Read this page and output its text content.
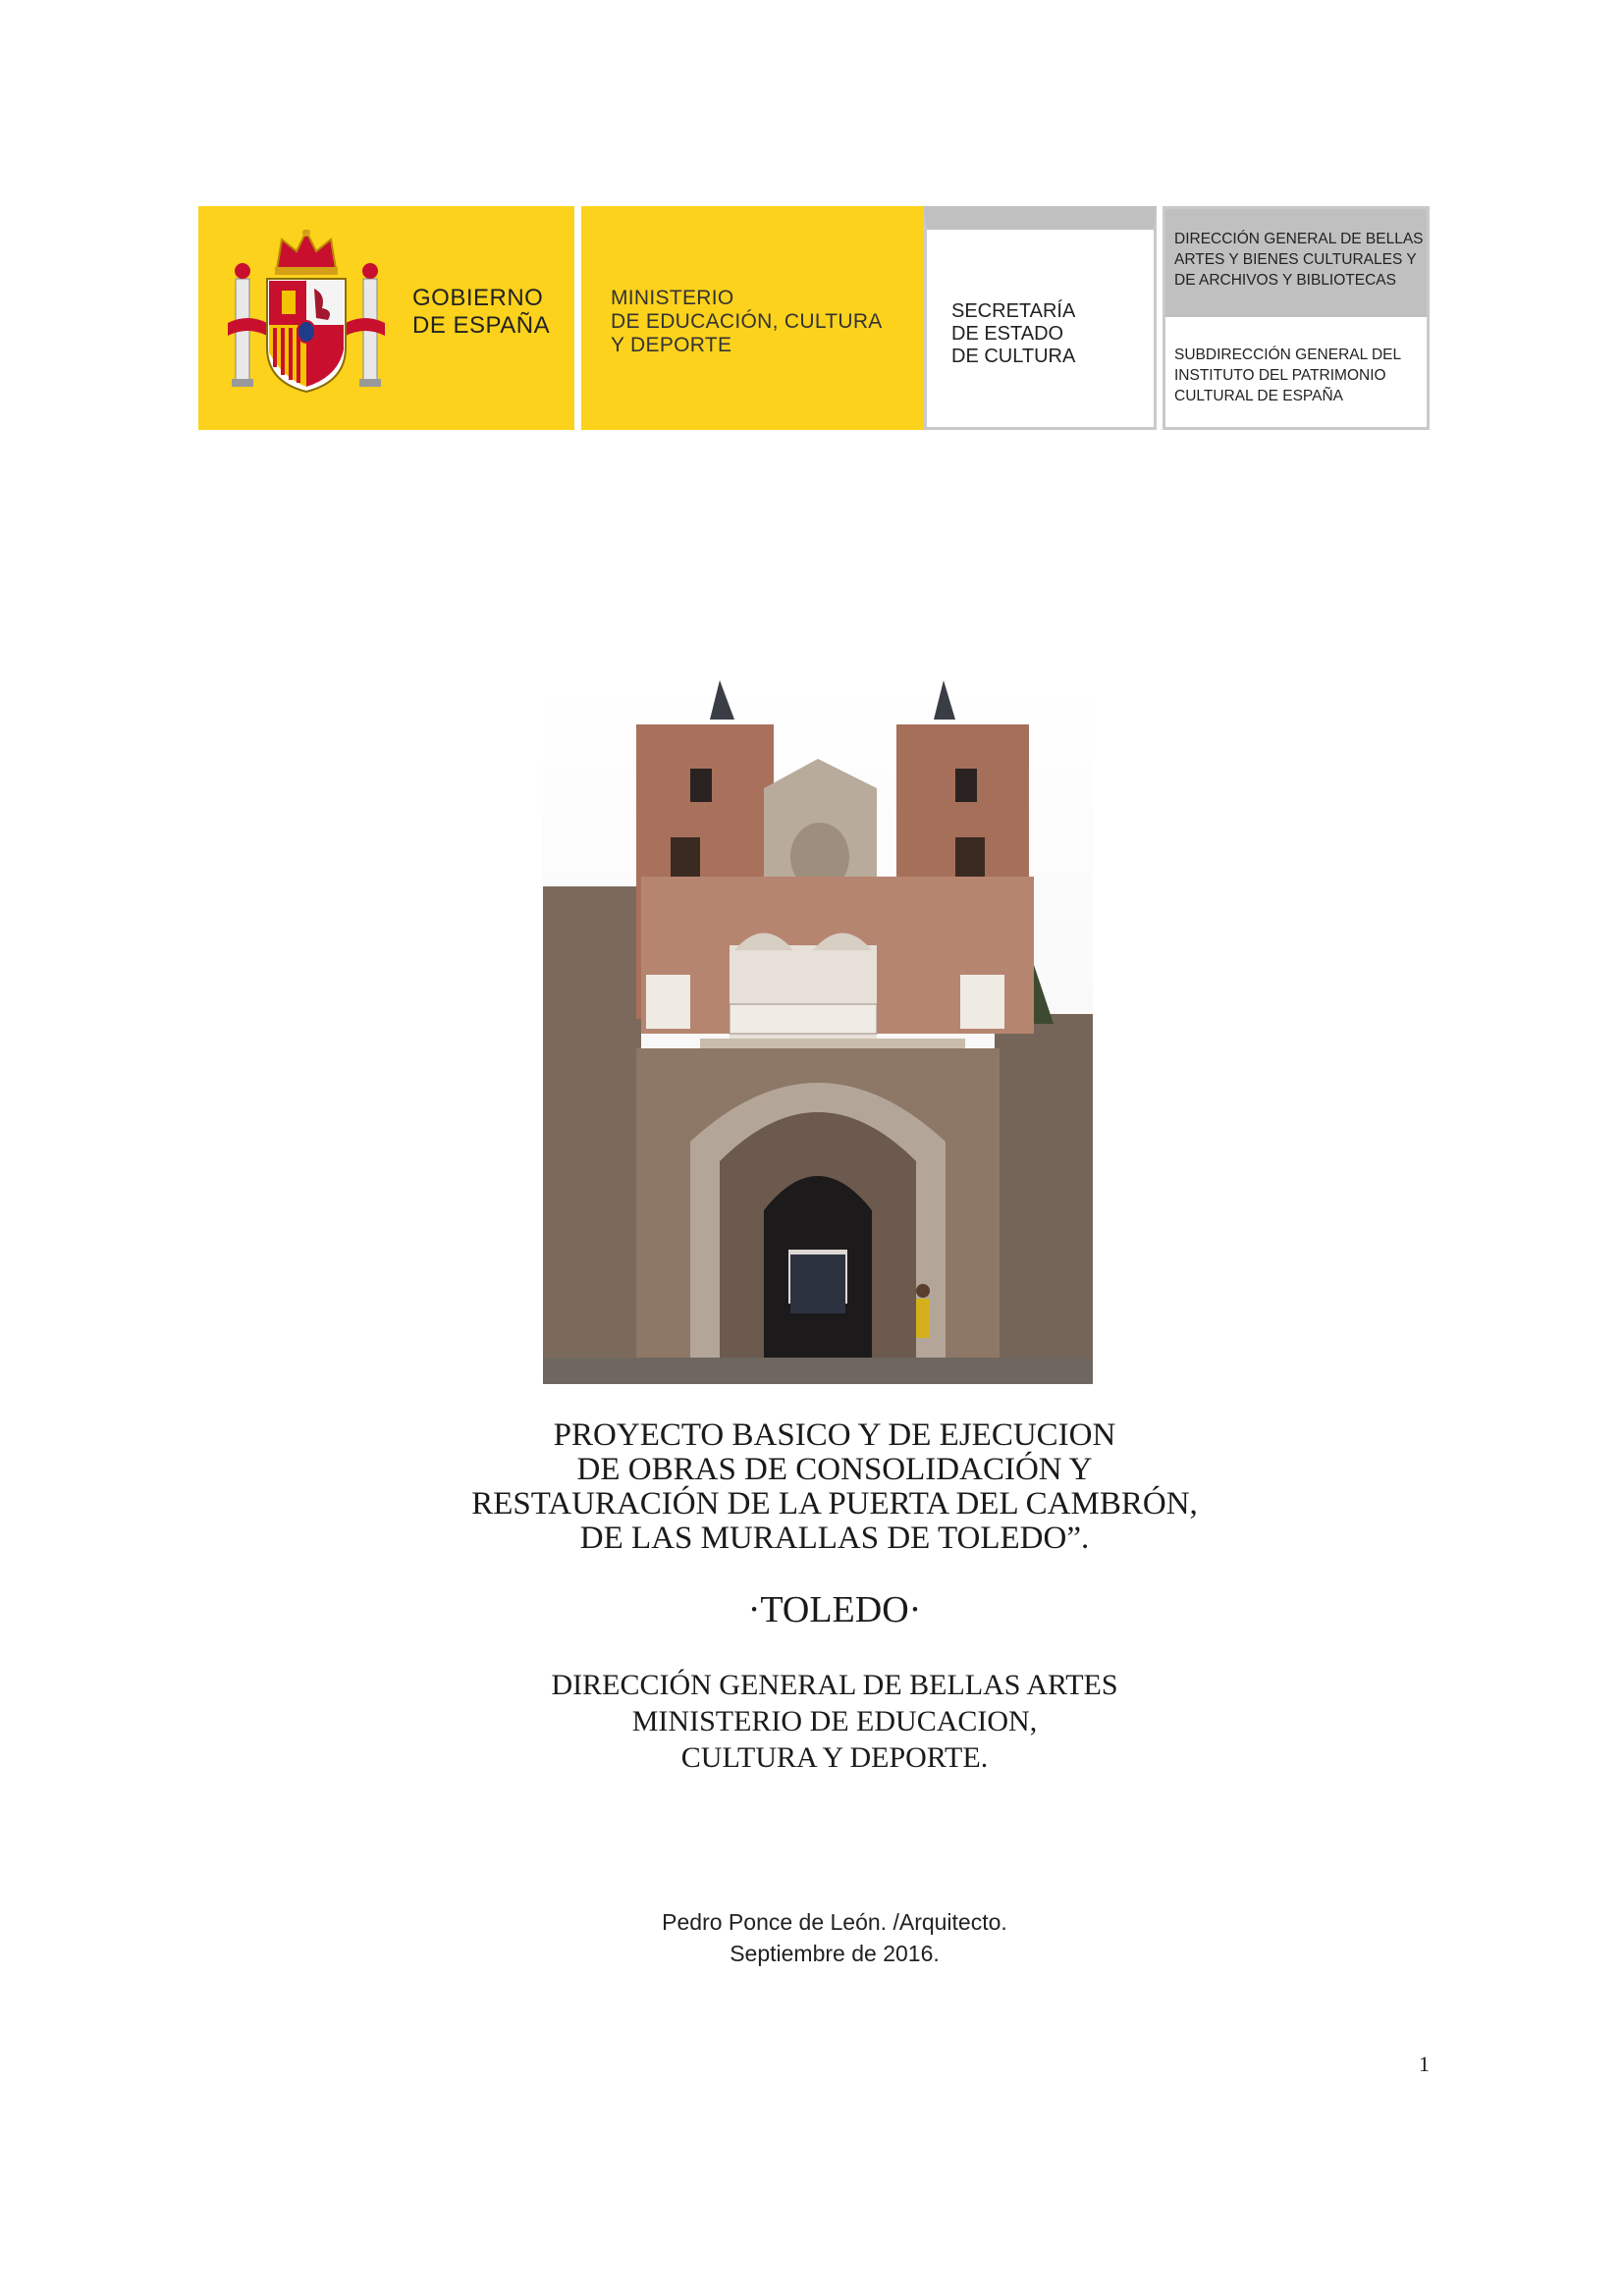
GOBIERNO
DE ESPAÑA
MINISTERIO
DE EDUCACIÓN, CULTURA
Y DEPORTE
SECRETARÍA
DE ESTADO
DE CULTURA
DIRECCIÓN GENERAL DE BELLAS
ARTES Y BIENES CULTURALES Y
DE ARCHIVOS Y BIBLIOTECAS
SUBDIRECCIÓN GENERAL DEL
INSTITUTO DEL PATRIMONIO
CULTURAL DE ESPAÑA
PROYECTO BASICO Y DE EJECUCION
DE OBRAS DE CONSOLIDACIÓN Y
RESTAURACIÓN DE LA PUERTA DEL CAMBRÓN,
DE LAS MURALLAS DE TOLEDO”.
·TOLEDO·
DIRECCIÓN GENERAL DE BELLAS ARTES
MINISTERIO DE EDUCACION,
CULTURA Y DEPORTE.
Pedro Ponce de León. /Arquitecto.
Septiembre de 2016.
1
